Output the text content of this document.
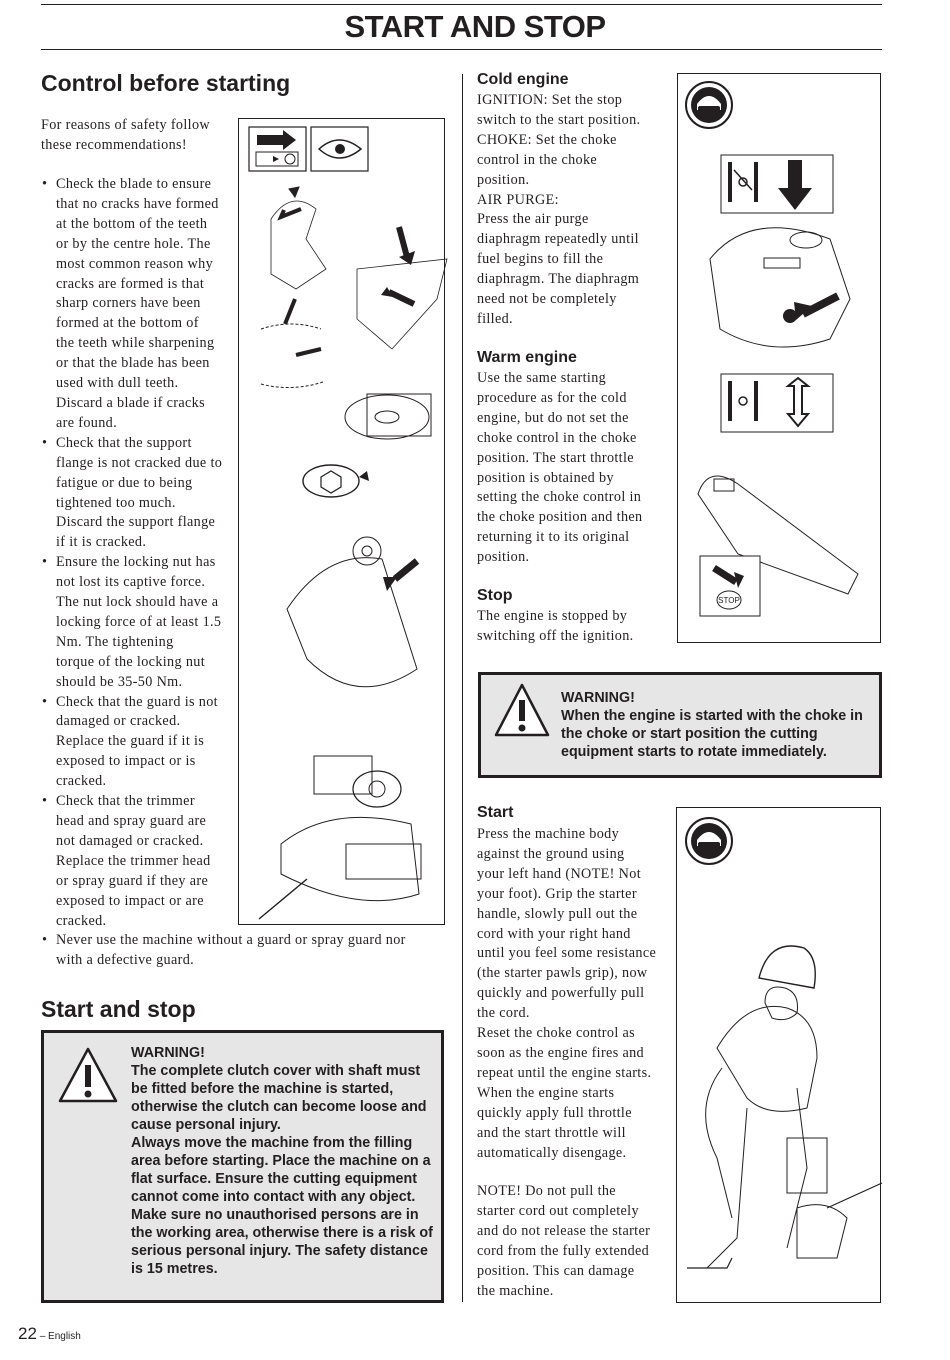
START AND STOP
Control before starting
For reasons of safety follow
these recommendations!
• Check the blade to ensure
that no cracks have formed
at the bottom of the teeth
or by the centre hole. The
most common reason why
cracks are formed is that
sharp corners have been
formed at the bottom of
the teeth while sharpening
or that the blade has been
used with dull teeth.
Discard a blade if cracks
are found.
• Check that the support
flange is not cracked due to
fatigue or due to being
tightened too much.
Discard the support flange
if it is cracked.
• Ensure the locking nut has
not lost its captive force.
The nut lock should have a
locking force of at least 1.5
Nm. The tightening
torque of the locking nut
should be 35-50 Nm.
• Check that the guard is not
damaged or cracked.
Replace the guard if it is
exposed to impact or is
cracked.
• Check that the trimmer
head and spray guard are
not damaged or cracked.
Replace the trimmer head
or spray guard if they are
exposed to impact or are
cracked.
• Never use the machine without a guard or spray guard nor
with a defective guard.
Start and stop
WARNING!
The complete clutch cover with shaft must be fitted before the machine is started, otherwise the clutch can become loose and cause personal injury.
Always move the machine from the filling area before starting. Place the machine on a flat surface. Ensure the cutting equipment cannot come into contact with any object. Make sure no unauthorised persons are in the working area, otherwise there is a risk of serious personal injury. The safety distance is 15 metres.
Cold engine
IGNITION: Set the stop
switch to the start position.
CHOKE: Set the choke
control in the choke
position.
AIR PURGE:
Press the air purge
diaphragm repeatedly until
fuel begins to fill the
diaphragm. The diaphragm
need not be completely
filled.
Warm engine
Use the same starting
procedure as for the cold
engine, but do not set the
choke control in the choke
position. The start throttle
position is obtained by
setting the choke control in
the choke position and then
returning it to its original
position.
Stop
The engine is stopped by
switching off the ignition.
STOP
WARNING!
When the engine is started with the choke in the choke or start position the cutting equipment starts to rotate immediately.
Start
Press the machine body
against the ground using
your left hand (NOTE! Not
your foot). Grip the starter
handle, slowly pull out the
cord with your right hand
until you feel some resistance
(the starter pawls grip), now
quickly and powerfully pull
the cord.
Reset the choke control as
soon as the engine fires and
repeat until the engine starts.
When the engine starts
quickly apply full throttle
and the start throttle will
automatically disengage.
NOTE! Do not pull the
starter cord out completely
and do not release the starter
cord from the fully extended
position. This can damage
the machine.
22 – English
